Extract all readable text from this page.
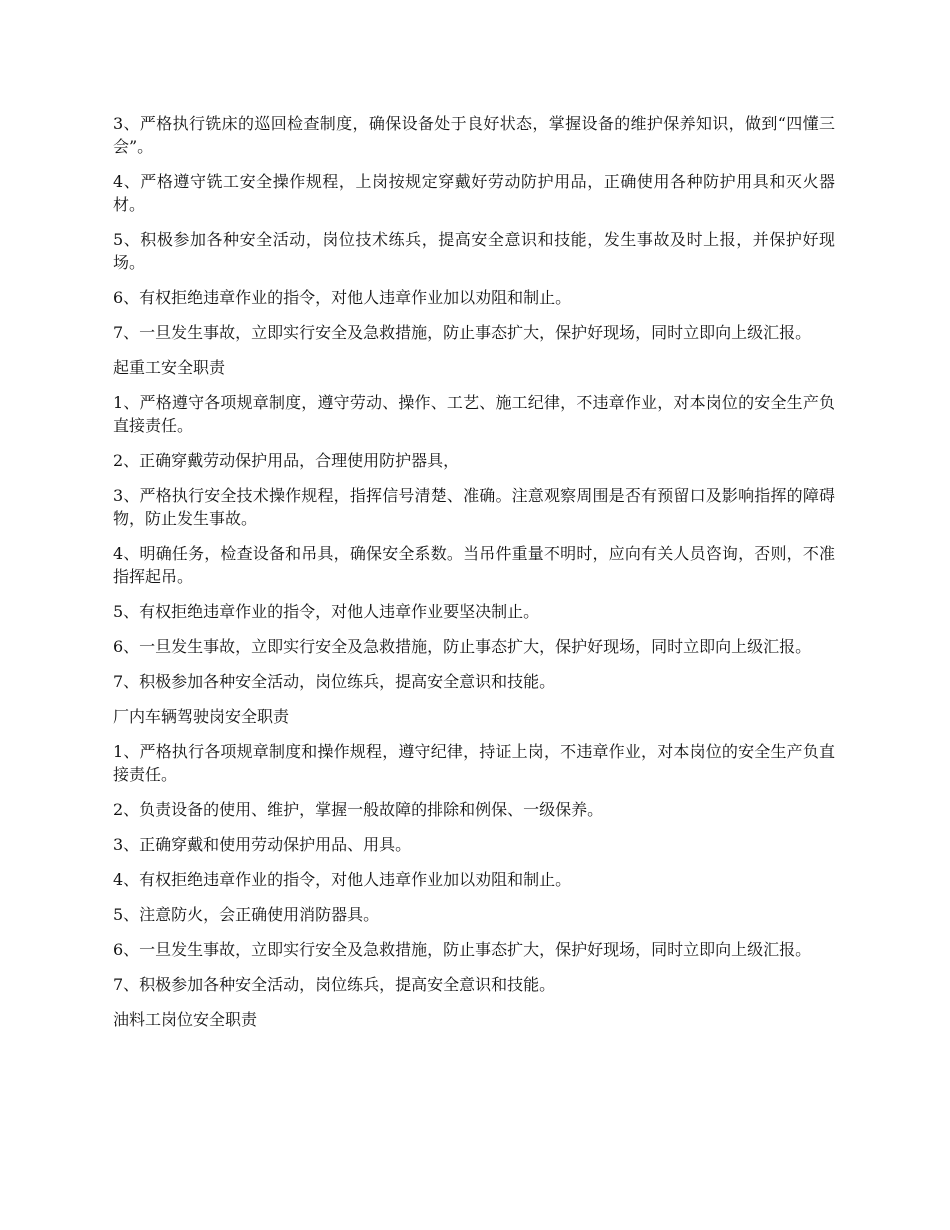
3、严格执行铣床的巡回检查制度，确保设备处于良好状态，掌握设备的维护保养知识，做到“四懂三会”。

4、严格遵守铣工安全操作规程，上岗按规定穿戴好劳动防护用品，正确使用各种防护用具和灭火器材。

5、积极参加各种安全活动，岗位技术练兵，提高安全意识和技能，发生事故及时上报，并保护好现场。

6、有权拒绝违章作业的指令，对他人违章作业加以劝阻和制止。

7、一旦发生事故，立即实行安全及急救措施，防止事态扩大，保护好现场，同时立即向上级汇报。

起重工安全职责

1、严格遵守各项规章制度，遵守劳动、操作、工艺、施工纪律，不违章作业，对本岗位的安全生产负直接责任。

2、正确穿戴劳动保护用品，合理使用防护器具，

3、严格执行安全技术操作规程，指挥信号清楚、准确。注意观察周围是否有预留口及影响指挥的障碍物，防止发生事故。

4、明确任务，检查设备和吊具，确保安全系数。当吊件重量不明时，应向有关人员咨询，否则，不准指挥起吊。

5、有权拒绝违章作业的指令，对他人违章作业要坚决制止。

6、一旦发生事故，立即实行安全及急救措施，防止事态扩大，保护好现场，同时立即向上级汇报。

7、积极参加各种安全活动，岗位练兵，提高安全意识和技能。

厂内车辆驾驶岗安全职责

1、严格执行各项规章制度和操作规程，遵守纪律，持证上岗，不违章作业，对本岗位的安全生产负直接责任。

2、负责设备的使用、维护，掌握一般故障的排除和例保、一级保养。

3、正确穿戴和使用劳动保护用品、用具。

4、有权拒绝违章作业的指令，对他人违章作业加以劝阻和制止。

5、注意防火，会正确使用消防器具。

6、一旦发生事故，立即实行安全及急救措施，防止事态扩大，保护好现场，同时立即向上级汇报。

7、积极参加各种安全活动，岗位练兵，提高安全意识和技能。

油料工岗位安全职责
